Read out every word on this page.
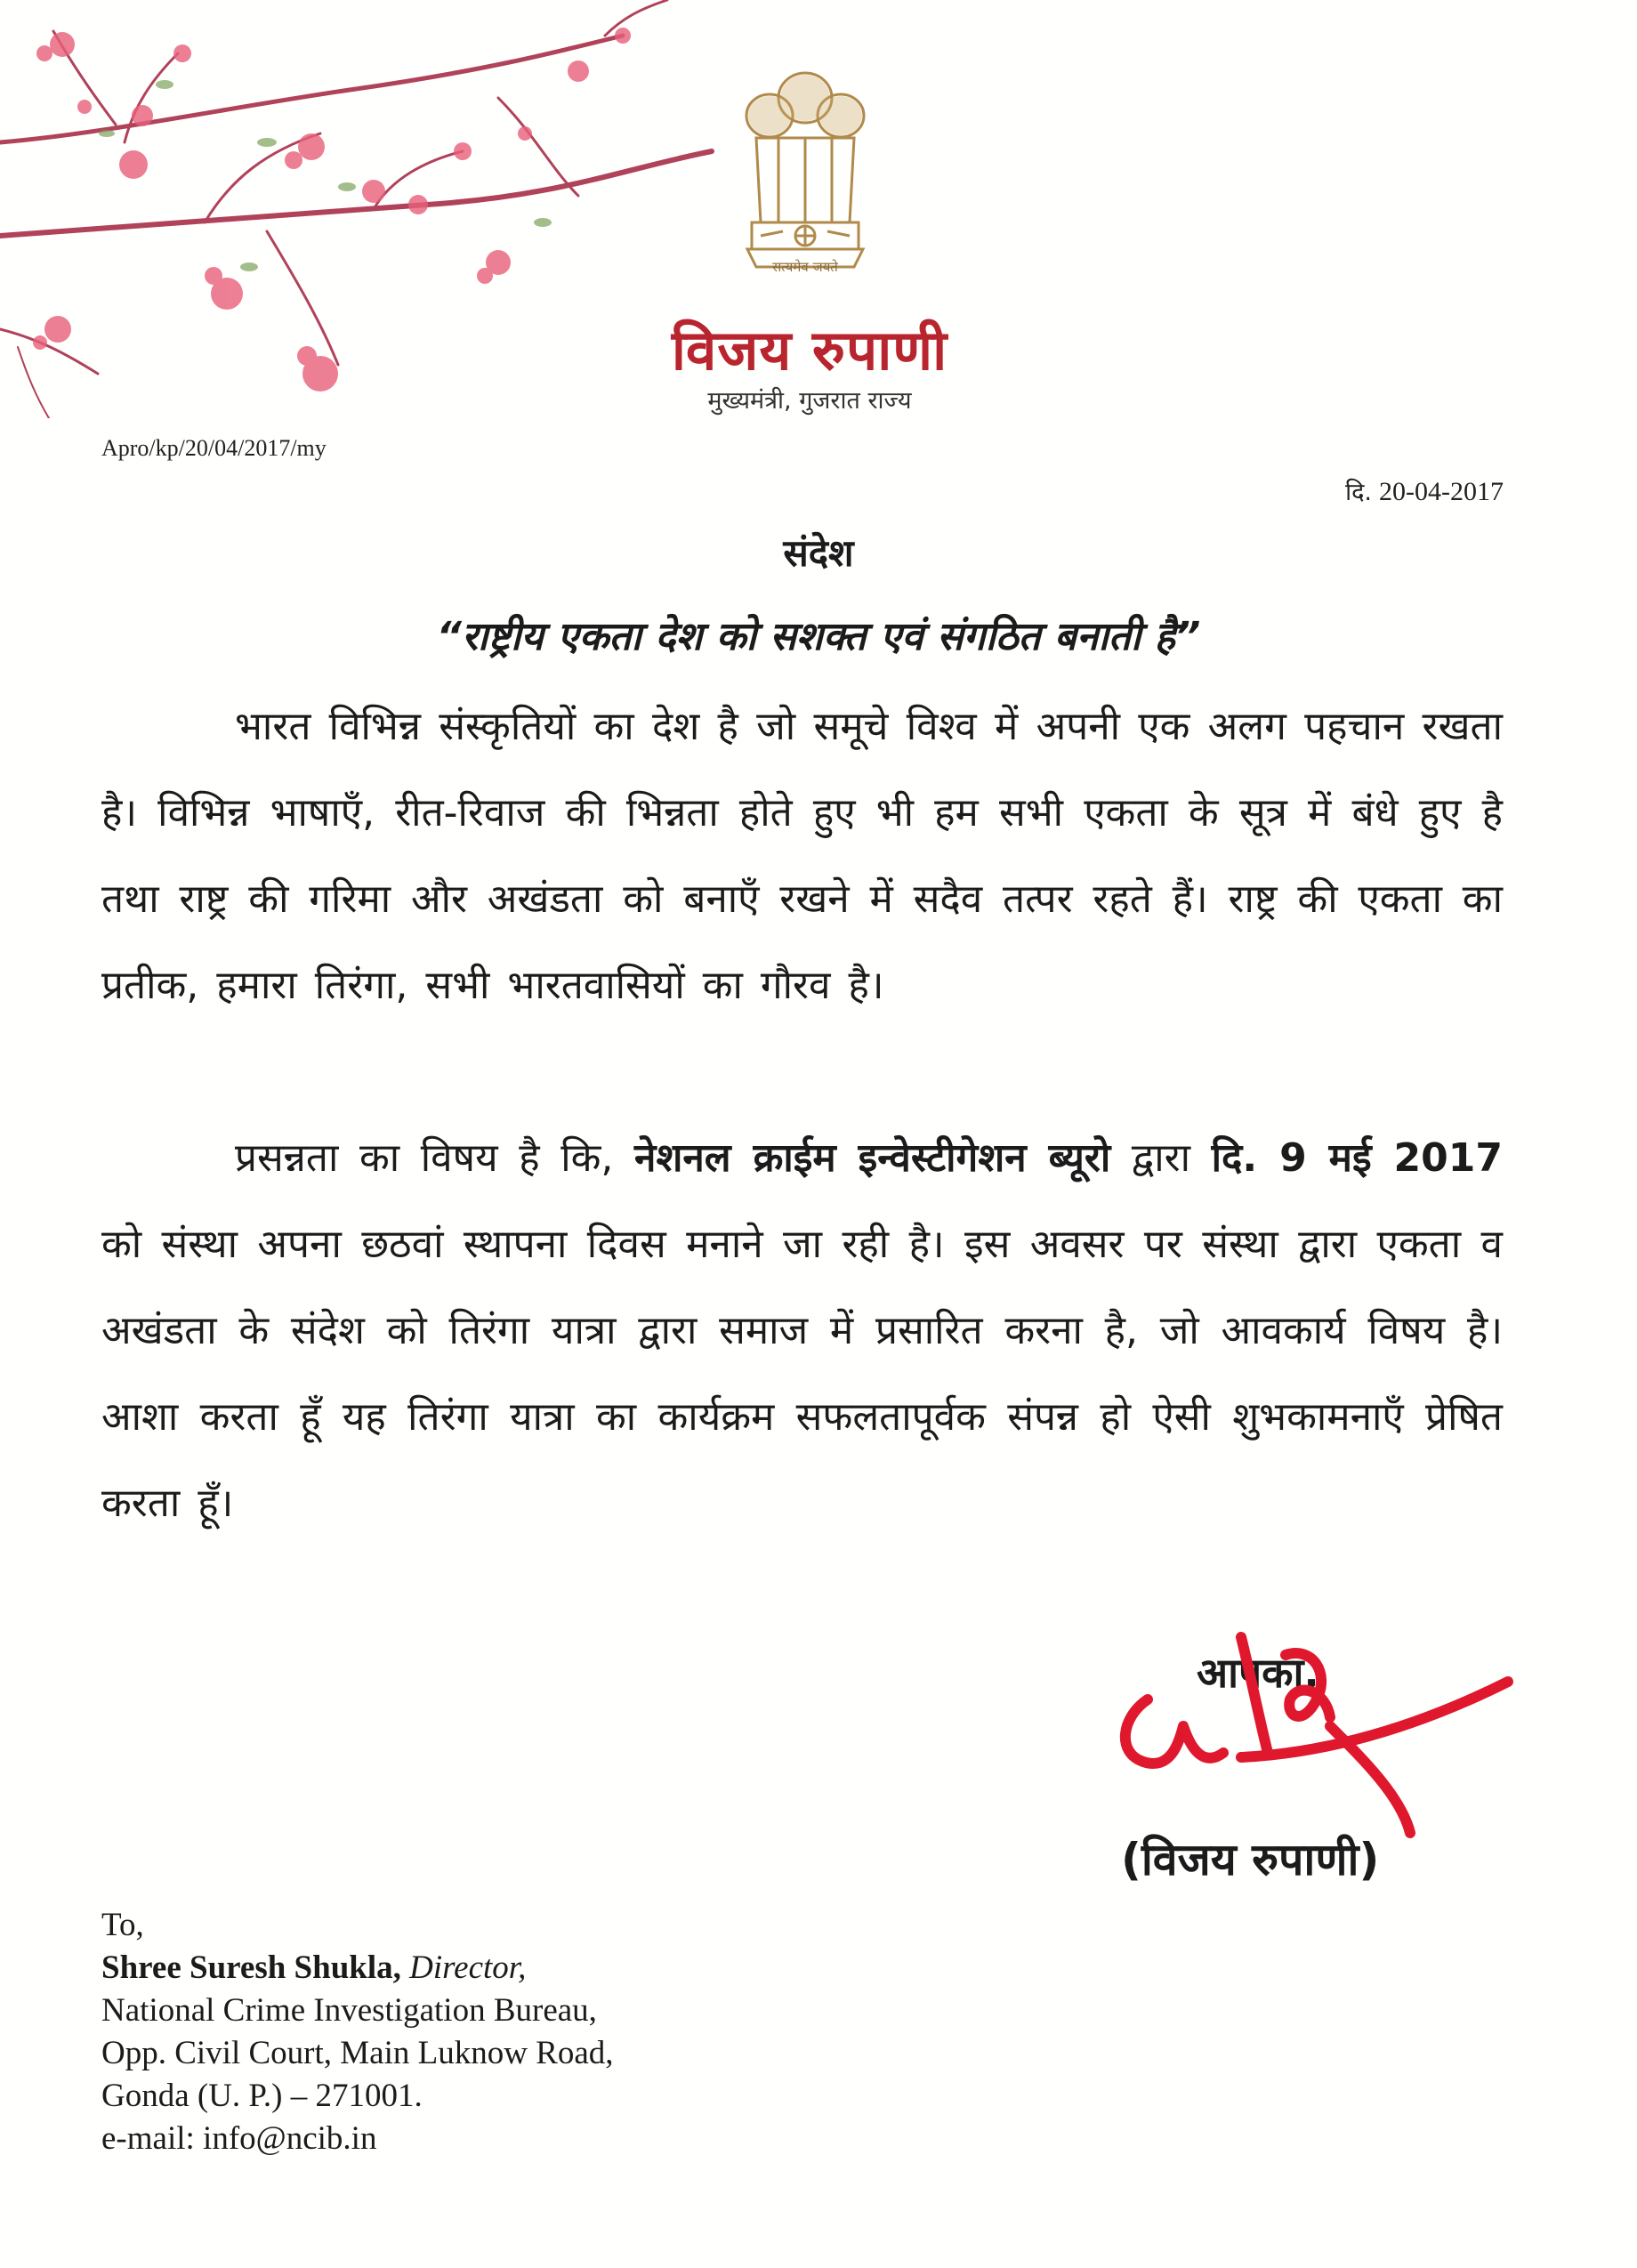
सत्यमेव जयते
विजय रुपाणी
मुख्यमंत्री, गुजरात राज्य
Apro/kp/20/04/2017/my
दि. 20-04-2017
संदेश
“राष्ट्रीय एकता देश को सशक्त एवं संगठित बनाती है”
भारत विभिन्न संस्कृतियों का देश है जो समूचे विश्व में अपनी एक अलग पहचान रखता है। विभिन्न भाषाएँ, रीत-रिवाज की भिन्नता होते हुए भी हम सभी एकता के सूत्र में बंधे हुए है तथा राष्ट्र की गरिमा और अखंडता को बनाएँ रखने में सदैव तत्पर रहते हैं। राष्ट्र की एकता का प्रतीक, हमारा तिरंगा, सभी भारतवासियों का गौरव है।
प्रसन्नता का विषय है कि, नेशनल क्राईम इन्वेस्टीगेशन ब्यूरो द्वारा दि. 9 मई 2017 को संस्था अपना छठवां स्थापना दिवस मनाने जा रही है। इस अवसर पर संस्था द्वारा एकता व अखंडता के संदेश को तिरंगा यात्रा द्वारा समाज में प्रसारित करना है, जो आवकार्य विषय है। आशा करता हूँ यह तिरंगा यात्रा का कार्यक्रम सफलतापूर्वक संपन्न हो ऐसी शुभकामनाएँ प्रेषित करता हूँ।
आपका,
(विजय रुपाणी)
To,
Shree Suresh Shukla, Director,
National Crime Investigation Bureau,
Opp. Civil Court, Main Luknow Road,
Gonda (U. P.) – 271001.
e-mail: info@ncib.in
